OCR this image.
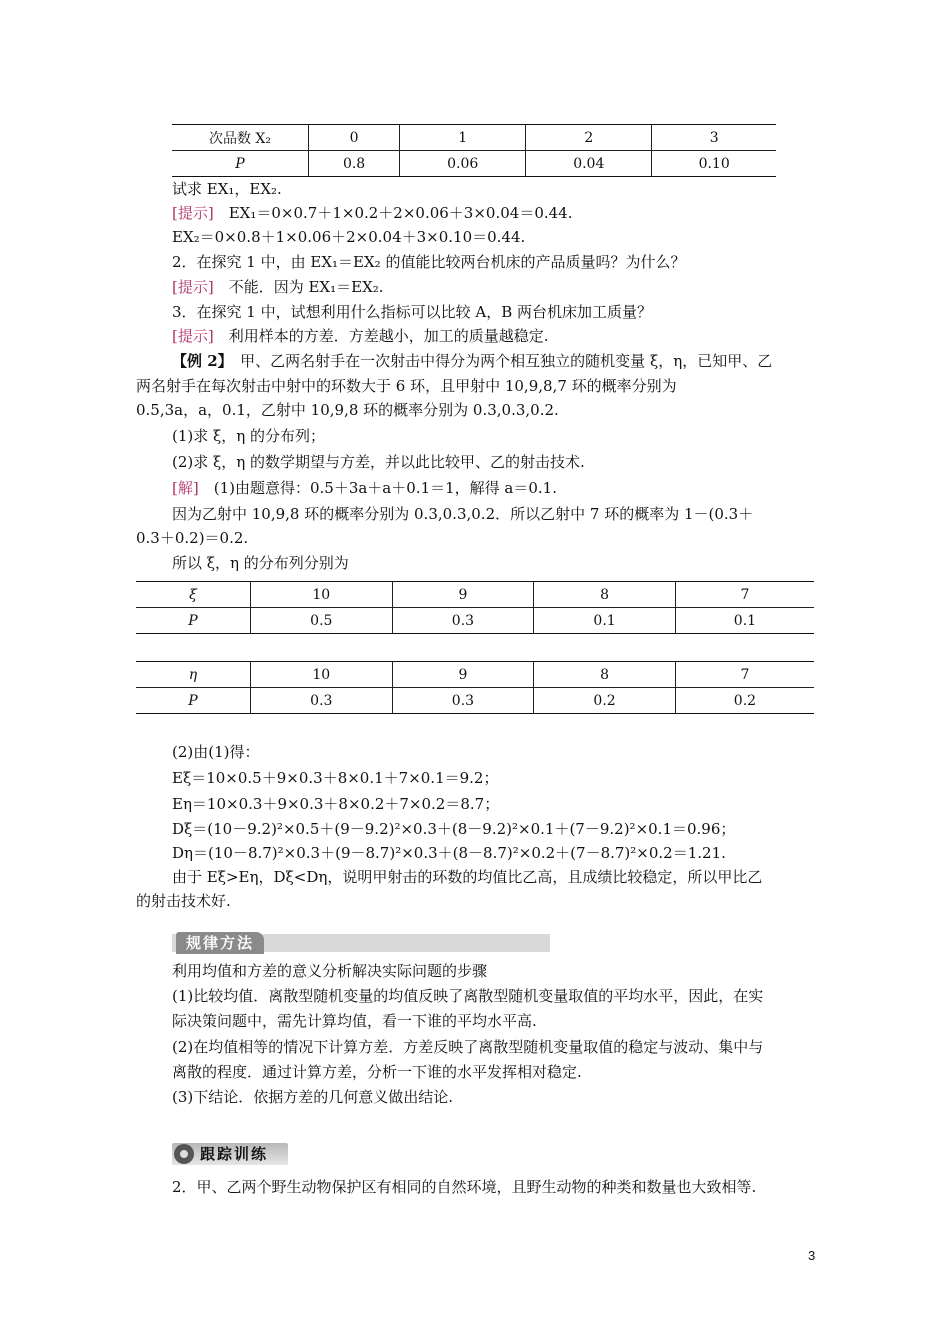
次品数 X₂	0	1	2	3
P	0.8	0.06	0.04	0.10
试求 EX₁，EX₂.
[提示]　EX₁＝0×0.7＋1×0.2＋2×0.06＋3×0.04＝0.44.
EX₂＝0×0.8＋1×0.06＋2×0.04＋3×0.10＝0.44.
2．在探究 1 中，由 EX₁＝EX₂ 的值能比较两台机床的产品质量吗？为什么？
[提示]　不能．因为 EX₁＝EX₂.
3．在探究 1 中，试想利用什么指标可以比较 A，B 两台机床加工质量？
[提示]　利用样本的方差．方差越小，加工的质量越稳定.
【例 2】　甲、乙两名射手在一次射击中得分为两个相互独立的随机变量 ξ，η，已知甲、乙
两名射手在每次射击中射中的环数大于 6 环，且甲射中 10,9,8,7 环的概率分别为
0.5,3a，a，0.1，乙射中 10,9,8 环的概率分别为 0.3,0.3,0.2.
(1)求 ξ，η 的分布列；
(2)求 ξ，η 的数学期望与方差，并以此比较甲、乙的射击技术.
[解]　(1)由题意得：0.5＋3a＋a＋0.1＝1，解得 a＝0.1.
因为乙射中 10,9,8 环的概率分别为 0.3,0.3,0.2．所以乙射中 7 环的概率为 1－(0.3＋
0.3＋0.2)＝0.2.
所以 ξ，η 的分布列分别为
ξ	10	9	8	7
P	0.5	0.3	0.1	0.1
η	10	9	8	7
P	0.3	0.3	0.2	0.2
(2)由(1)得：
Eξ＝10×0.5＋9×0.3＋8×0.1＋7×0.1＝9.2；
Eη＝10×0.3＋9×0.3＋8×0.2＋7×0.2＝8.7；
Dξ＝(10－9.2)²×0.5＋(9－9.2)²×0.3＋(8－9.2)²×0.1＋(7－9.2)²×0.1＝0.96；
Dη＝(10－8.7)²×0.3＋(9－8.7)²×0.3＋(8－8.7)²×0.2＋(7－8.7)²×0.2＝1.21.
由于 Eξ>Eη，Dξ<Dη，说明甲射击的环数的均值比乙高，且成绩比较稳定，所以甲比乙
的射击技术好.
规律方法
利用均值和方差的意义分析解决实际问题的步骤
(1)比较均值．离散型随机变量的均值反映了离散型随机变量取值的平均水平，因此，在实
际决策问题中，需先计算均值，看一下谁的平均水平高.
(2)在均值相等的情况下计算方差．方差反映了离散型随机变量取值的稳定与波动、集中与
离散的程度．通过计算方差，分析一下谁的水平发挥相对稳定.
(3)下结论．依据方差的几何意义做出结论.
跟踪训练
2．甲、乙两个野生动物保护区有相同的自然环境，且野生动物的种类和数量也大致相等.
3
